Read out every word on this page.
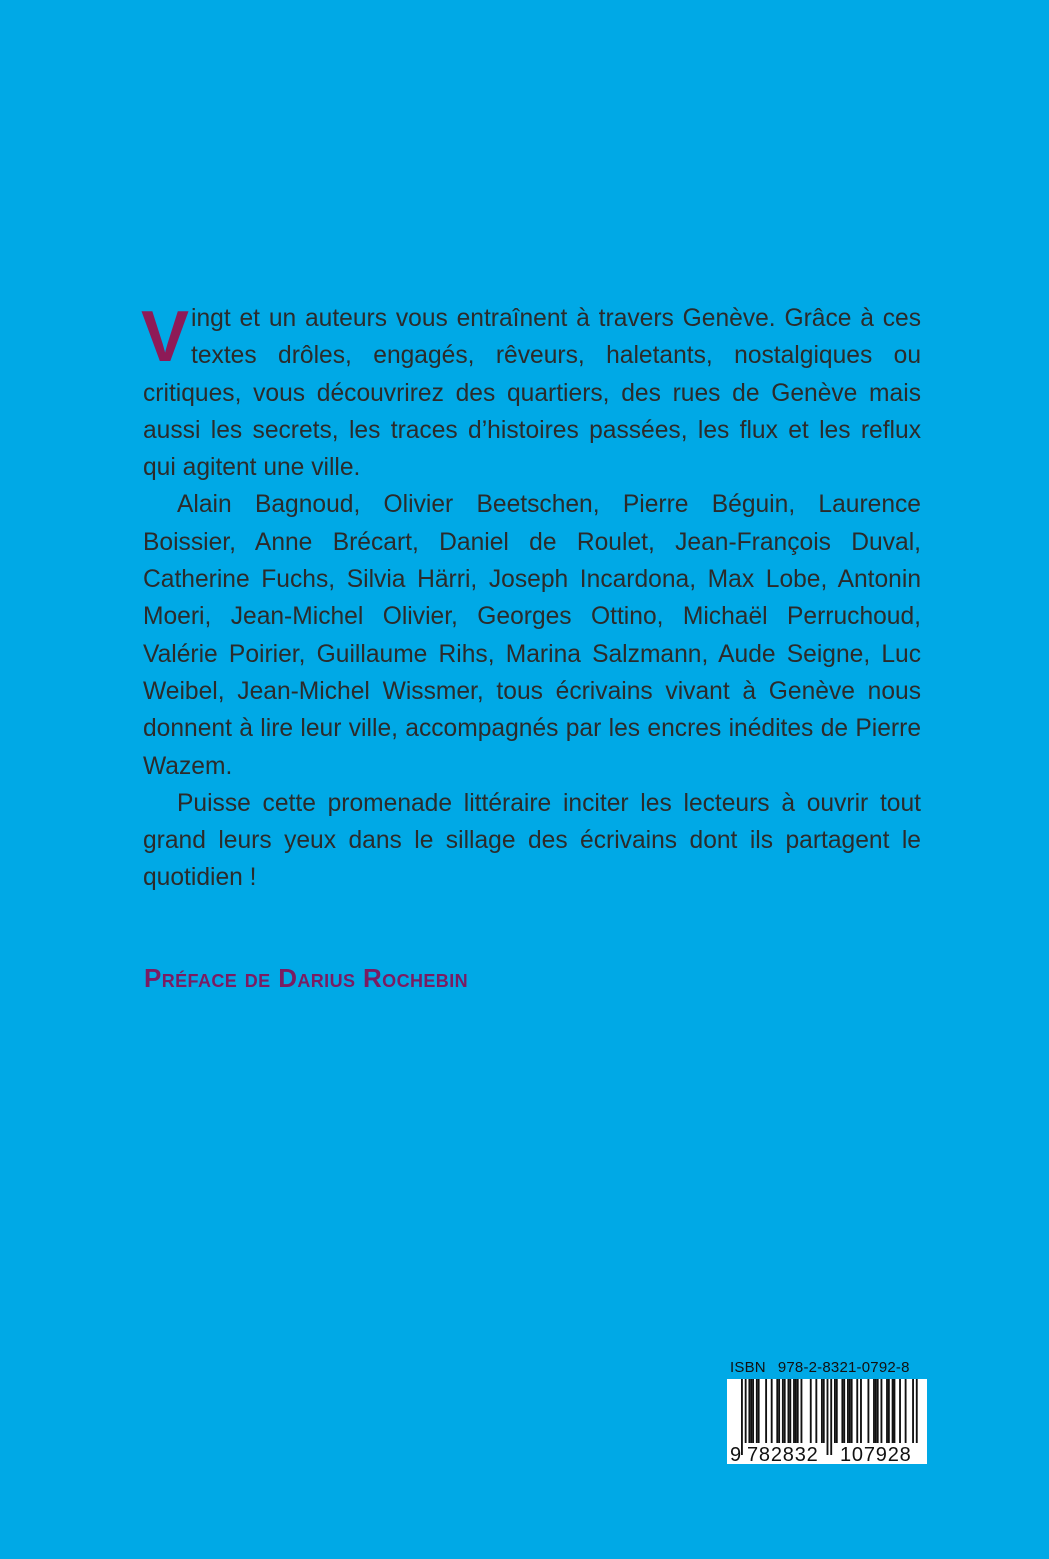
Vingt et un auteurs vous entraînent à travers Genève. Grâce à ces textes drôles, engagés, rêveurs, haletants, nostalgiques ou critiques, vous découvrirez des quartiers, des rues de Genève mais aussi les secrets, les traces d’histoires passées, les flux et les reflux qui agitent une ville.

Alain Bagnoud, Olivier Beetschen, Pierre Béguin, Laurence Boissier, Anne Brécart, Daniel de Roulet, Jean-François Duval, Catherine Fuchs, Silvia Härri, Joseph Incardona, Max Lobe, Antonin Moeri, Jean-Michel Olivier, Georges Ottino, Michaël Perruchoud, Valérie Poirier, Guillaume Rihs, Marina Salzmann, Aude Seigne, Luc Weibel, Jean-Michel Wissmer, tous écrivains vivant à Genève nous donnent à lire leur ville, accompagnés par les encres inédites de Pierre Wazem.

Puisse cette promenade littéraire inciter les lecteurs à ouvrir tout grand leurs yeux dans le sillage des écrivains dont ils partagent le quotidien !

Préface de Darius Rochebin
ISBN 978-2-8321-0792-8
9 782832 107928
